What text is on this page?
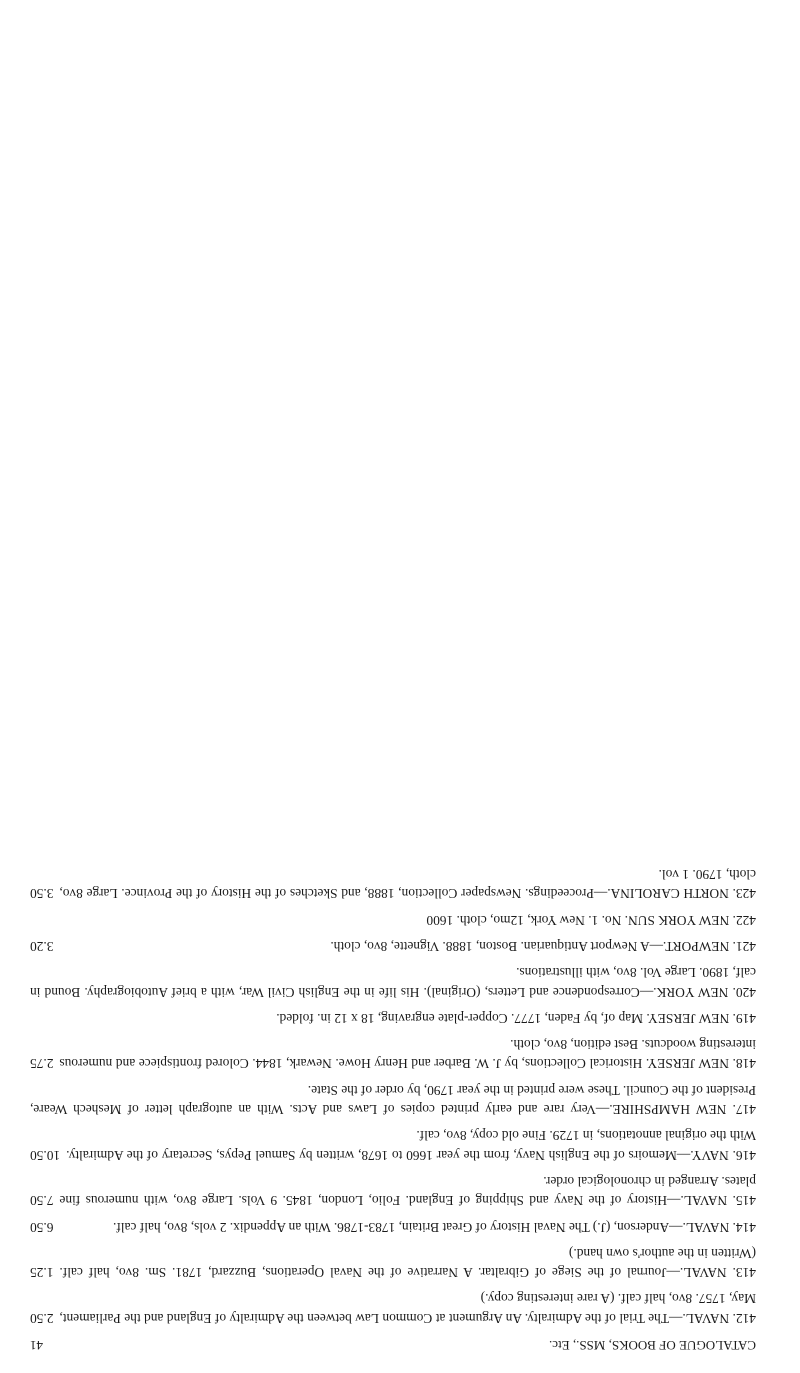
CATALOGUE OF BOOKS, MSS., Etc.
41

2.50 412. NAVAL.—The Trial of the Admiralty. An Argument at Common Law between the Admiralty of England and the Parliament, May, 1757. 8vo, half calf. (A rare interesting copy.)

1.25 413. NAVAL.—Journal of the Siege of Gibraltar. A Narrative of the Naval Operations, Buzzard, 1781. Sm. 8vo, half calf. (Written in the author's own hand.)

6.50	414. NAVAL.—Anderson, (J.) The Naval History of Great Britain, 1783-1786. With an Appendix. 2 vols, 8vo, half calf.

7.50 415. NAVAL.—History of the Navy and Shipping of England. Folio, London, 1845. 9 Vols. Large 8vo, with numerous fine plates. Arranged in chronological order.

10.50 416. NAVY.—Memoirs of the English Navy, from the year 1660 to 1678, written by Samuel Pepys, Secretary of the Admiralty. With the original annotations, in 1729. Fine old copy, 8vo, calf.

417. NEW HAMPSHIRE.—Very rare and early printed copies of Laws and Acts. With an autograph letter of Meshech Weare, President of the Council. These were printed in the year 1790, by order of the State.

2.75 418. NEW JERSEY. Historical Collections, by J. W. Barber and Henry Howe. Newark, 1844. Colored frontispiece and numerous interesting woodcuts. Best edition, 8vo, cloth.

419. NEW JERSEY. Map of, by Faden, 1777. Copper-plate engraving, 18 x 12 in. folded.

420. NEW YORK.—Correspondence and Letters, (Original). His life in the English Civil War, with a brief Autobiography. Bound in calf, 1890. Large Vol. 8vo, with illustrations.

3.20	421. NEWPORT.—A Newport Antiquarian. Boston, 1888. Vignette, 8vo, cloth.

422. NEW YORK SUN. No. 1. New York, 12mo, cloth. 1600

3.50 423. NORTH CAROLINA.—Proceedings. Newspaper Collection, 1888, and Sketches of the History of the Province. Large 8vo, cloth, 1790. 1 vol.
